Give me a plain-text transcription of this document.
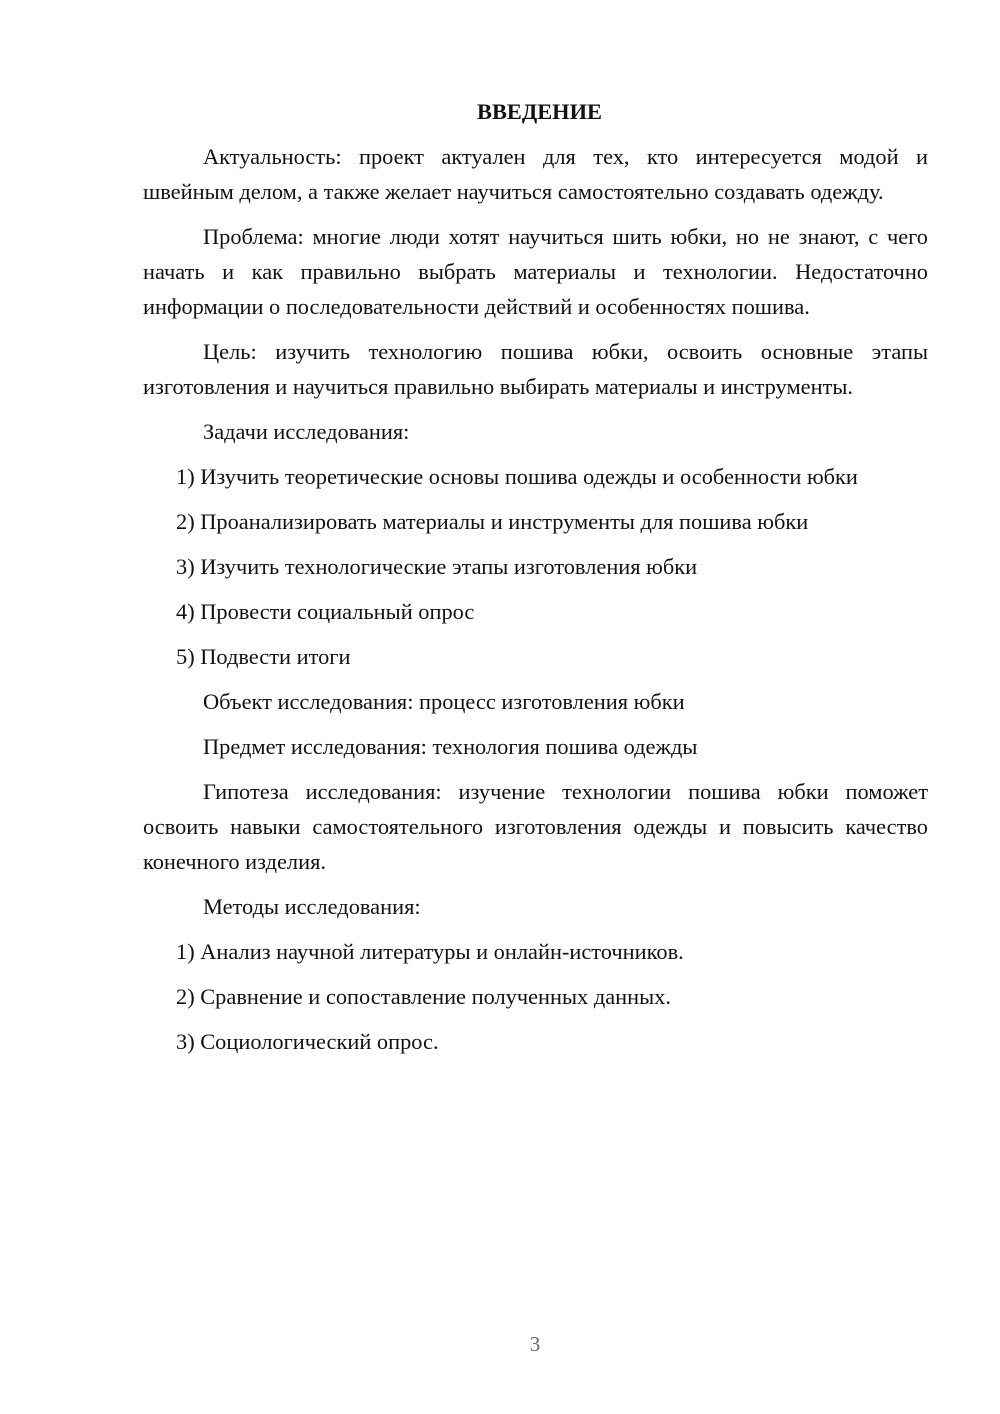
ВВЕДЕНИЕ
Актуальность: проект актуален для тех, кто интересуется модой и швейным делом, а также желает научиться самостоятельно создавать одежду.
Проблема: многие люди хотят научиться шить юбки, но не знают, с чего начать и как правильно выбрать материалы и технологии. Недостаточно информации о последовательности действий и особенностях пошива.
Цель: изучить технологию пошива юбки, освоить основные этапы изготовления и научиться правильно выбирать материалы и инструменты.
Задачи исследования:
1) Изучить теоретические основы пошива одежды и особенности юбки
2) Проанализировать материалы и инструменты для пошива юбки
3) Изучить технологические этапы изготовления юбки
4) Провести социальный опрос
5) Подвести итоги
Объект исследования: процесс изготовления юбки
Предмет исследования: технология пошива одежды
Гипотеза исследования: изучение технологии пошива юбки поможет освоить навыки самостоятельного изготовления одежды и повысить качество конечного изделия.
Методы исследования:
1) Анализ научной литературы и онлайн-источников.
2) Сравнение и сопоставление полученных данных.
3) Социологический опрос.
3
